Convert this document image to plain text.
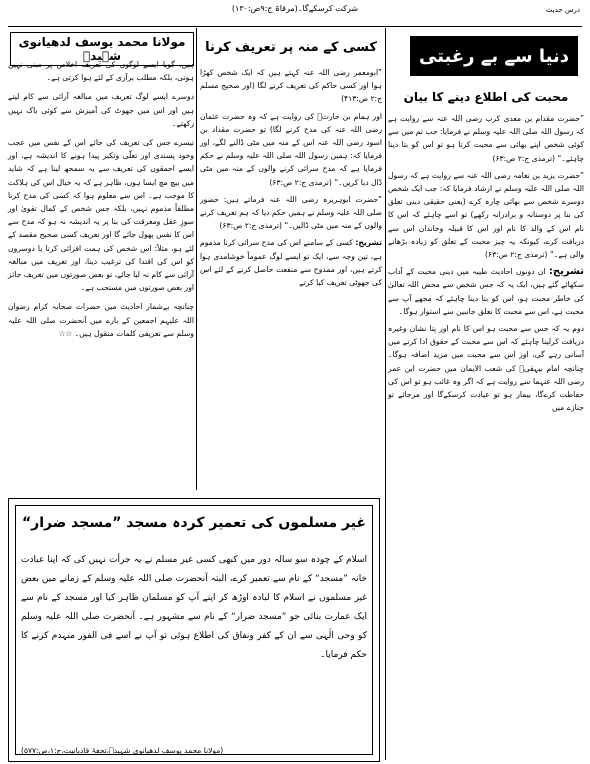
درس حدیث
شرکت کرسکےگا۔(مرقاۃ ج:۹ص:۱۳۰)
مولانا محمد یوسف لدھیانوی شہیدؒ

ہیں، گویا ایسے لوگوں کی تعریف اخلاص پر مبنی نہیں ہوتی، بلکہ مطلب برآری کے لئے ہوا کرتی ہے۔

دوسرے ایسے لوگ تعریف میں مبالغہ آرائی سے کام لیتے ہیں اور اس میں جھوٹ کی آمیزش سے کوئی باک نہیں رکھتے۔

تیسرے جس کی تعریف کی جائے اس کے نفس میں عجب وخود پسندی اور تعلّی وتکبر پیدا ہونے کا اندیشہ ہے، اور ایسے احمقوں کی تعریف سے یہ سمجھ لینا ہے کہ شاید میں بیچ مچ ایسا ہوں، ظاہر ہے کہ یہ خیال اس کی ہلاکت کا موجب ہے۔ اس سے معلوم ہوا کہ کسی کی مدح کرنا مطلقاً مذموم نہیں، بلکہ جس شخص کے کمال تقویٰ اور سوزِ عقل ومعرفت کی بنا پر یہ اندیشہ نہ ہو کہ مدح سے اس کا نفس پھول جائے گا اور تعریف کسی صحیح مقصد کے لئے ہو، مثلاً: اس شخص کی ہمت افزائی کرنا یا دوسروں کو اس کی اقتدا کی ترغیب دینا، اور تعریف میں مبالغہ آرائی سے کام نہ لیا جائے، تو بعض صورتوں میں تعریف جائز اور بعض صورتوں میں مستحب ہے۔

چنانچہ بےشمار احادیث میں حضرات صحابہ کرام رضوان اللہ علیہم اجمعین کے بارے میں آنحضرت صلی اللہ علیہ وسلم سے تعریفی کلمات منقول ہیں۔ ☆☆

کسی کے منہ پر تعریف کرنا

”ابومعمر رضی اللہ عنہ کہتے ہیں کہ ایک شخص کھڑا ہوا اور کسی حاکم کی تعریف کرنے لگا (اور صحیح مسلم ج:۲ ص:۴۱۳)

اور ہمام بن حارثؒ کی روایت ہے کہ وہ حضرت عثمان رضی اللہ عنہ کی مدح کرنے لگا) تو حضرت مقداد بن اسود رضی اللہ عنہ اس کے منہ میں مٹی ڈالنے لگے، اور فرمایا کہ: ہمیں رسول اللہ صلی اللہ علیہ وسلم نے حکم فرمایا ہے کہ مدح سرائی کرنے والوں کے منہ میں مٹی ڈال دیا کریں۔“ (ترمذی ج:۲ ص:۶۳)

”حضرت ابوہریرہ رضی اللہ عنہ فرماتے ہیں: حضور صلی اللہ علیہ وسلم نے ہمیں حکم دیا کہ ہم تعریف کرنے والوں کے منہ میں مٹی ڈالیں۔“ (ترمذی ج:۲ ص:۶۳)

تشریح: کسی کے سامنے اس کی مدح سرائی کرنا مذموم ہے، تین وجہ سے، ایک تو ایسے لوگ عموماً خوشامدی ہوا کرتے ہیں، اور ممدوح سے منفعت حاصل کرنے کے لئے اس کی جھوٹی تعریف کیا کرتے

دنیا سے بے رغبتی
محبت کی اطلاع دینے کا بیان

”حضرت مقدام بن معدی کرب رضی اللہ عنہ سے روایت ہے کہ رسول اللہ صلی اللہ علیہ وسلم نے فرمایا: جب تم میں سے کوئی شخص اپنے بھائی سے محبت کرتا ہو تو اس کو بتا دینا چاہئے۔“ (ترمذی ج:۲ ص:۶۳)

”حضرت یزید بن نعامہ رضی اللہ عنہ سے روایت ہے کہ رسول اللہ صلی اللہ علیہ وسلم نے ارشاد فرمایا کہ: جب ایک شخص دوسرے شخص سے بھائی چارہ کرے (یعنی حقیقی دینی تعلق کی بنا پر دوستانہ و برادرانہ رکھے) تو اسے چاہئے کہ اس کا نام اس کے والد کا نام اور اس کا قبیلہ وخاندان اس سے دریافت کرے، کیونکہ یہ چیز محبت کے تعلق کو زیادہ بڑھانے والی ہے۔“ (ترمذی ج:۲ ص:۶۳)

تشریح: ان دونوں احادیث طیبہ میں دینی محبت کے آداب سکھائے گئے ہیں، ایک یہ کہ جس شخص سے محض اللہ تعالیٰ کی خاطر محبت ہو، اس کو بتا دینا چاہئے کہ مجھے آپ سے محبت ہے، اس سے محبت کا تعلق جانبین سے استوار ہوگا۔

دوم یہ کہ جس سے محبت ہو اس کا نام اور پتا نشان وغیرہ دریافت کرلینا چاہئے کہ اس سے محبت کے حقوق ادا کرنے میں آسانی رہے گی، اور اس سے محبت میں مزید اضافہ ہوگا۔ چنانچہ امام بیہقیؒ کی شعب الایمان میں حضرت ابن عمر رضی اللہ عنہما سے روایت ہے کہ اگر وہ غائب ہو تو اس کی حفاظت کرےگا، بیمار ہو تو عیادت کرسکےگا اور مرجائے تو جنازے میں

غیر مسلموں کی تعمیر کردہ مسجد ”مسجد ضرار“
اسلام کے چودہ سو سالہ دور میں کبھی کسی غیر مسلم نے یہ جرأت نہیں کی کہ اپنا عبادت خانہ ”مسجد“ کے نام سے تعمیر کرے، البتہ آنحضرت صلی اللہ علیہ وسلم کے زمانے میں بعض غیر مسلموں نے اسلام کا لبادہ اوڑھ کر اپنے آپ کو مسلمان ظاہر کیا اور مسجد کے نام سے ایک عمارت بنائی جو ”مسجد ضرار“ کے نام سے مشہور ہے۔ آنحضرت صلی اللہ علیہ وسلم کو وحی الٰہی سے ان کے کفر ونفاق کی اطلاع ہوئی تو آپ نے اسے فی الفور منہدم کرنے کا حکم فرمایا۔
(مولانا محمد یوسف لدھیانوی شہیدؒ،تحفۂ قادیانیت،ج:۱،ص:۵۷۷)
